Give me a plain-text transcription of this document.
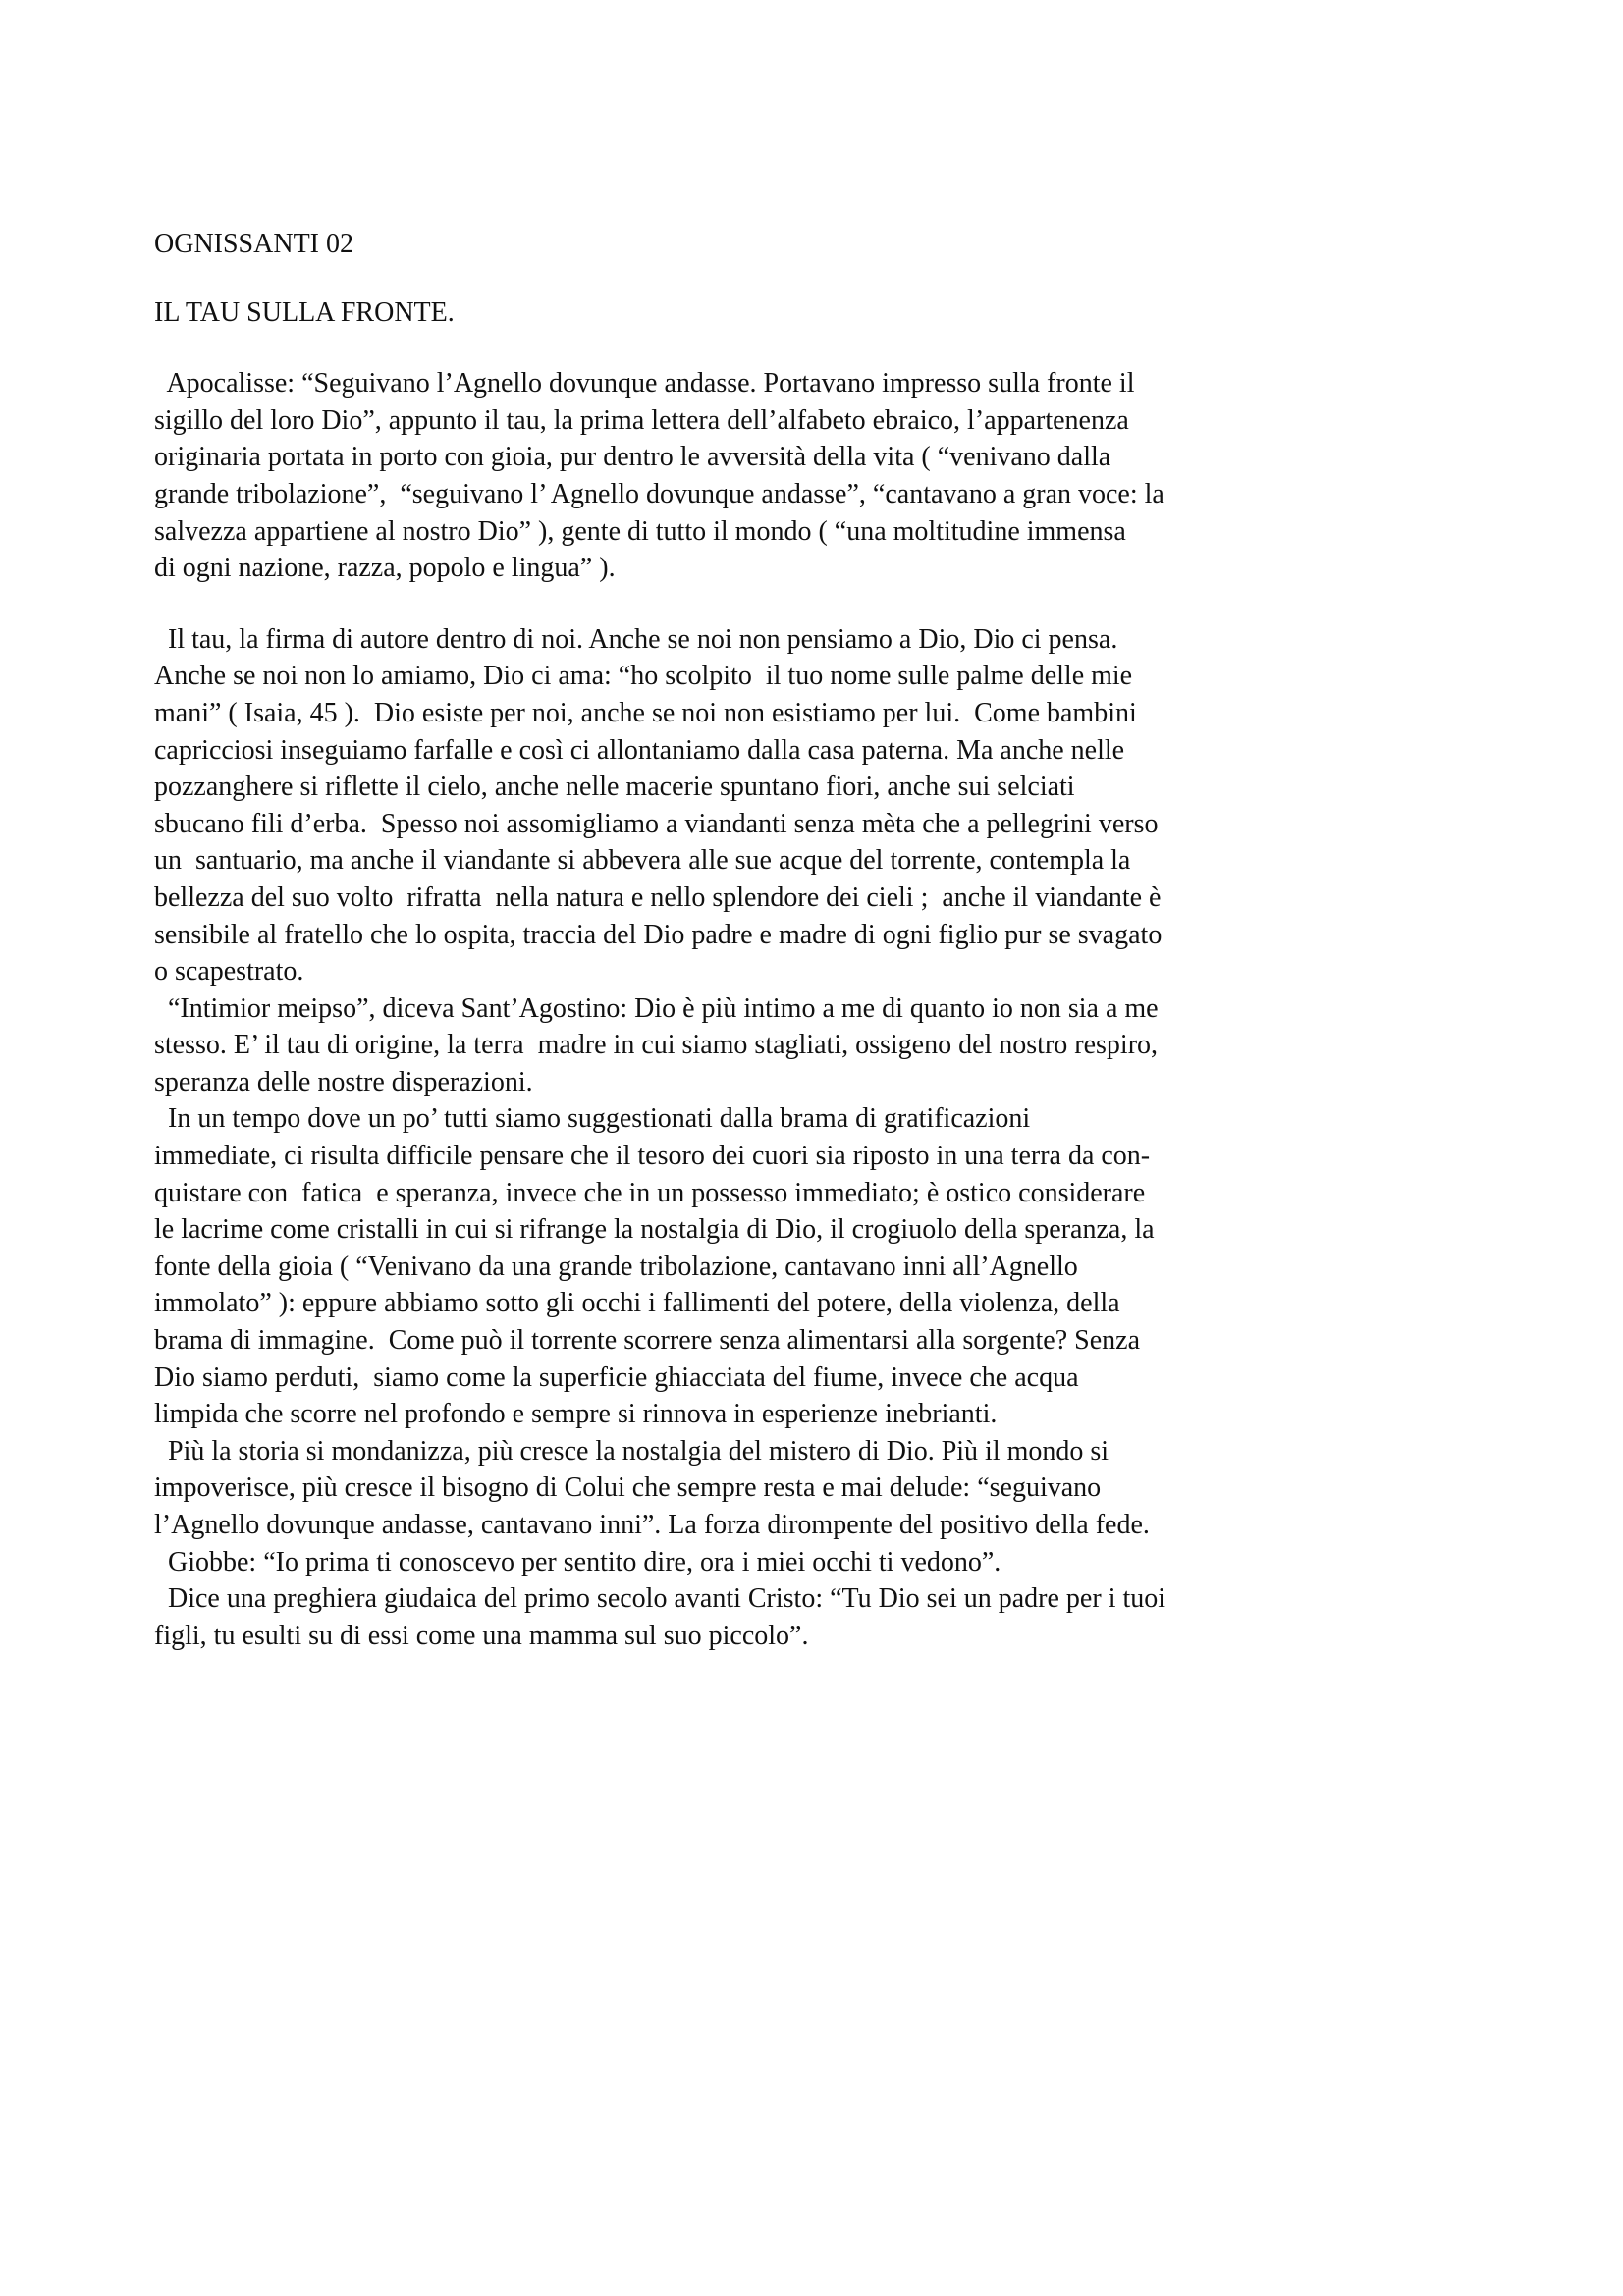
OGNISSANTI 02
IL TAU SULLA FRONTE.
Apocalisse: “Seguivano l’Agnello dovunque andasse. Portavano impresso sulla fronte il
sigillo del loro Dio”, appunto il tau, la prima lettera dell’alfabeto ebraico, l’appartenenza
originaria portata in porto con gioia, pur dentro le avversità della vita ( “venivano dalla
grande tribolazione”,  “seguivano l’ Agnello dovunque andasse”, “cantavano a gran voce: la
salvezza appartiene al nostro Dio” ), gente di tutto il mondo ( “una moltitudine immensa
di ogni nazione, razza, popolo e lingua” ).
Il tau, la firma di autore dentro di noi. Anche se noi non pensiamo a Dio, Dio ci pensa.
Anche se noi non lo amiamo, Dio ci ama: “ho scolpito  il tuo nome sulle palme delle mie
mani” ( Isaia, 45 ).  Dio esiste per noi, anche se noi non esistiamo per lui.  Come bambini
capricciosi inseguiamo farfalle e così ci allontaniamo dalla casa paterna. Ma anche nelle
pozzanghere si riflette il cielo, anche nelle macerie spuntano fiori, anche sui selciati
sbucano fili d’erba.  Spesso noi assomigliamo a viandanti senza mèta che a pellegrini verso
un  santuario, ma anche il viandante si abbevera alle sue acque del torrente, contempla la
bellezza del suo volto  rifratta  nella natura e nello splendore dei cieli ;  anche il viandante è
sensibile al fratello che lo ospita, traccia del Dio padre e madre di ogni figlio pur se svagato
o scapestrato.
“Intimior meipso”, diceva Sant’Agostino: Dio è più intimo a me di quanto io non sia a me
stesso. E’ il tau di origine, la terra  madre in cui siamo stagliati, ossigeno del nostro respiro,
speranza delle nostre disperazioni.
In un tempo dove un po’ tutti siamo suggestionati dalla brama di gratificazioni
immediate, ci risulta difficile pensare che il tesoro dei cuori sia riposto in una terra da con-
quistare con  fatica  e speranza, invece che in un possesso immediato; è ostico considerare
le lacrime come cristalli in cui si rifrange la nostalgia di Dio, il crogiuolo della speranza, la
fonte della gioia ( “Venivano da una grande tribolazione, cantavano inni all’Agnello
immolato” ): eppure abbiamo sotto gli occhi i fallimenti del potere, della violenza, della
brama di immagine.  Come può il torrente scorrere senza alimentarsi alla sorgente? Senza
Dio siamo perduti,  siamo come la superficie ghiacciata del fiume, invece che acqua
limpida che scorre nel profondo e sempre si rinnova in esperienze inebrianti.
Più la storia si mondanizza, più cresce la nostalgia del mistero di Dio. Più il mondo si
impoverisce, più cresce il bisogno di Colui che sempre resta e mai delude: “seguivano
l’Agnello dovunque andasse, cantavano inni”. La forza dirompente del positivo della fede.
Giobbe: “Io prima ti conoscevo per sentito dire, ora i miei occhi ti vedono”.
Dice una preghiera giudaica del primo secolo avanti Cristo: “Tu Dio sei un padre per i tuoi
figli, tu esulti su di essi come una mamma sul suo piccolo”.
